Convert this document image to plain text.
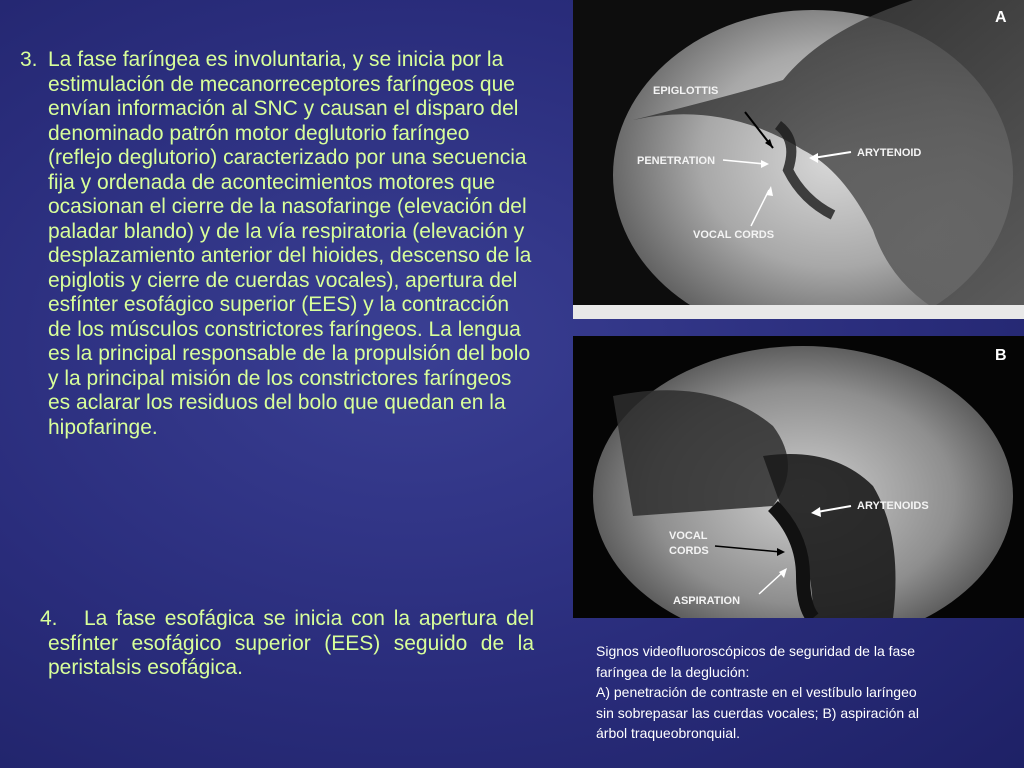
3. La fase faríngea es involuntaria, y se inicia por la estimulación de mecanorreceptores faríngeos que envían información al SNC y causan el disparo del denominado patrón motor deglutorio faríngeo (reflejo deglutorio) caracterizado por una secuencia fija y ordenada de acontecimientos motores que ocasionan el cierre de la nasofaringe (elevación del paladar blando) y de la vía respiratoria (elevación y desplazamiento anterior del hioides, descenso de la epiglotis y cierre de cuerdas vocales), apertura del esfínter esofágico superior (EES) y la contracción de los músculos constrictores faríngeos. La lengua es la principal responsable de la propulsión del bolo y la principal misión de los constrictores faríngeos es aclarar los residuos del bolo que quedan en la hipofaringe.
4.	La fase esofágica se inicia con la apertura del esfínter esofágico superior (EES) seguido de la peristalsis esofágica.
EPIGLOTTIS
PENETRATION
ARYTENOID
VOCAL CORDS
A
ARYTENOIDS
VOCAL
CORDS
ASPIRATION
B
Signos videofluoroscópicos de seguridad de la fase
faríngea de la deglución:
A) penetración de contraste en el vestíbulo laríngeo
sin sobrepasar las cuerdas vocales; B) aspiración al
árbol traqueobronquial.
